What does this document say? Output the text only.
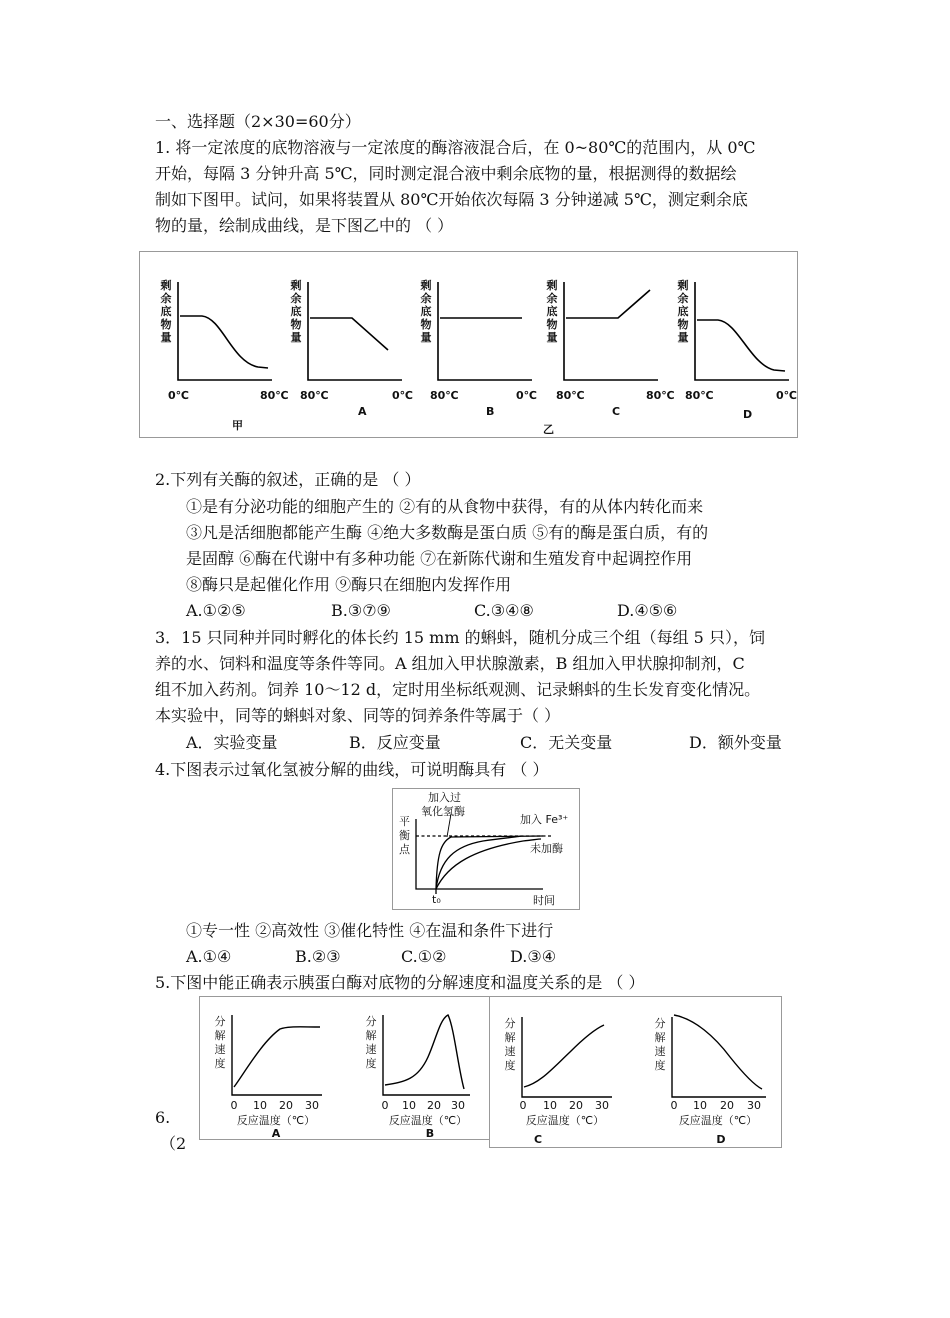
一、选择题（2×30=60分）
1. 将一定浓度的底物溶液与一定浓度的酶溶液混合后，在 0~80℃的范围内，从 0℃
开始，每隔 3 分钟升高 5℃，同时测定混合液中剩余底物的量，根据测得的数据绘
制如下图甲。试问，如果将装置从 80℃开始依次每隔 3 分钟递减 5℃，测定剩余底
物的量，绘制成曲线，是下图乙中的 （ ）
剩
余
底
物
量
剩
余
底
物
量
剩
余
底
物
量
剩
余
底
物
量
剩
余
底
物
量
0℃	80℃ 80℃	0℃ 80℃	0℃ 80℃	80℃ 80℃	0℃
甲
A	B
乙
C	D
2.下列有关酶的叙述，正确的是 （ ）
①是有分泌功能的细胞产生的 ②有的从食物中获得，有的从体内转化而来
③凡是活细胞都能产生酶 ④绝大多数酶是蛋白质 ⑤有的酶是蛋白质，有的
是固醇 ⑥酶在代谢中有多种功能 ⑦在新陈代谢和生殖发育中起调控作用
⑧酶只是起催化作用 ⑨酶只在细胞内发挥作用
A.①②⑤	B.③⑦⑨	C.③④⑧	D.④⑤⑥
3．15 只同种并同时孵化的体长约 15 mm 的蝌蚪，随机分成三个组（每组 5 只），饲
养的水、饲料和温度等条件等同。A 组加入甲状腺激素，B 组加入甲状腺抑制剂，C
组不加入药剂。饲养 10～12 d，定时用坐标纸观测、记录蝌蚪的生长发育变化情况。
本实验中，同等的蝌蚪对象、同等的饲养条件等属于（ ）
A．实验变量	B．反应变量	C．无关变量	D．额外变量
4.下图表示过氧化氢被分解的曲线，可说明酶具有 （ ）
平
衡
点
加入过
氧化氢酶
加入 Fe³⁺
未加酶
t₀	时间
①专一性 ②高效性 ③催化特性 ④在温和条件下进行
A.①④	B.②③	C.①②	D.③④
5.下图中能正确表示胰蛋白酶对底物的分解速度和温度关系的是 （ ）
分
解
速
度
0 10 20 30
反应温度（℃）
A
分
解
速
度
0 10 20 30
反应温度（℃）
B
分
解
速
度
0 10 20 30
反应温度（℃）
C
分
解
速
度
0 10 20 30
反应温度（℃）
D
6.
（2
